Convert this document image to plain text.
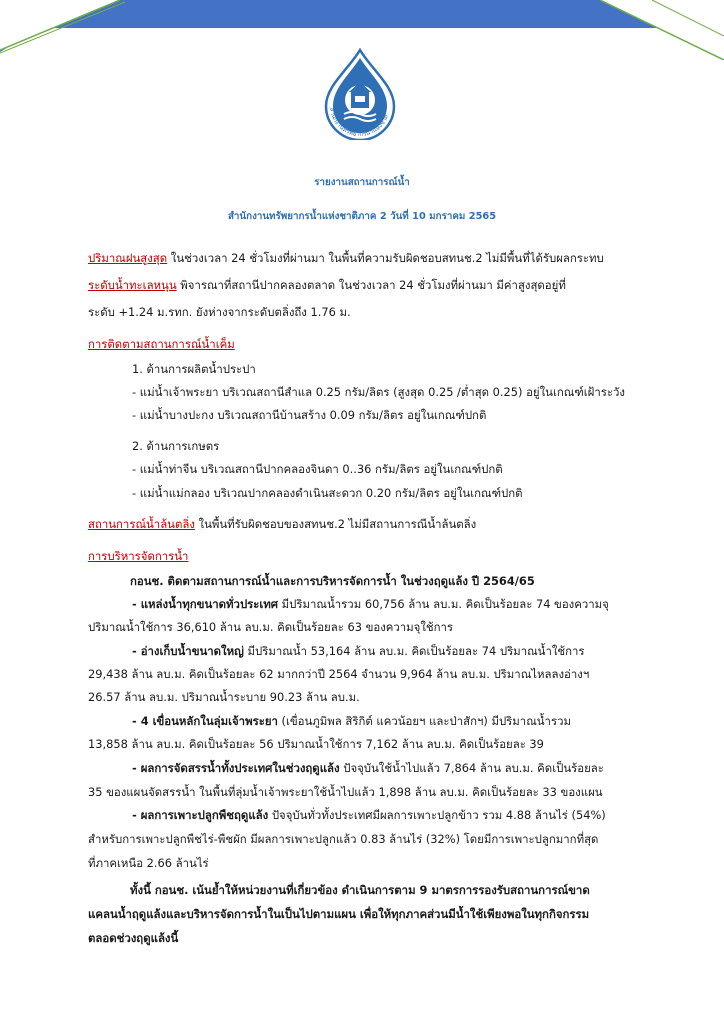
สำนักงานทรัพยากรน้ำแห่งชาติ
รายงานสถานการณ์น้ำ
สำนักงานทรัพยากรน้ำแห่งชาติภาค 2 วันที่ 10 มกราคม 2565
ปริมาณฝนสูงสุด ในช่วงเวลา 24 ชั่วโมงที่ผ่านมา ในพื้นที่ความรับผิดชอบสทนช.2 ไม่มีพื้นที่ได้รับผลกระทบ
ระดับน้ำทะเลหนุน พิจารณาที่สถานีปากคลองตลาด ในช่วงเวลา 24 ชั่วโมงที่ผ่านมา มีค่าสูงสุดอยู่ที่
ระดับ +1.24 ม.รทก. ยังห่างจากระดับตลิ่งถึง 1.76 ม.
การติดตามสถานการณ์น้ำเค็ม
1. ด้านการผลิตน้ำประปา
- แม่น้ำเจ้าพระยา บริเวณสถานีสำแล 0.25 กรัม/ลิตร (สูงสุด 0.25 /ต่ำสุด 0.25) อยู่ในเกณฑ์เฝ้าระวัง
- แม่น้ำบางปะกง บริเวณสถานีบ้านสร้าง 0.09 กรัม/ลิตร อยู่ในเกณฑ์ปกติ
2. ด้านการเกษตร
- แม่น้ำท่าจีน บริเวณสถานีปากคลองจินดา 0..36 กรัม/ลิตร อยู่ในเกณฑ์ปกติ
- แม่น้ำแม่กลอง บริเวณปากคลองดำเนินสะดวก 0.20 กรัม/ลิตร อยู่ในเกณฑ์ปกติ
สถานการณ์น้ำล้นตลิ่ง ในพื้นที่รับผิดชอบของสทนช.2 ไม่มีสถานการณีน้ำล้นตลิ่ง
การบริหารจัดการน้ำ
กอนช. ติดตามสถานการณ์น้ำและการบริหารจัดการน้ำ ในช่วงฤดูแล้ง ปี 2564/65
- แหล่งน้ำทุกขนาดทั่วประเทศ มีปริมาณน้ำรวม 60,756 ล้าน ลบ.ม. คิดเป็นร้อยละ 74 ของความจุ
ปริมาณน้ำใช้การ 36,610 ล้าน ลบ.ม. คิดเป็นร้อยละ 63 ของความจุใช้การ
- อ่างเก็บน้ำขนาดใหญ่ มีปริมาณน้ำ 53,164 ล้าน ลบ.ม. คิดเป็นร้อยละ 74 ปริมาณน้ำใช้การ
29,438 ล้าน ลบ.ม. คิดเป็นร้อยละ 62 มากกว่าปี 2564 จำนวน 9,964 ล้าน ลบ.ม. ปริมาณไหลลงอ่างฯ
26.57 ล้าน ลบ.ม. ปริมาณน้ำระบาย 90.23 ล้าน ลบ.ม.
- 4 เขื่อนหลักในลุ่มเจ้าพระยา (เขื่อนภูมิพล สิริกิต์ แควน้อยฯ และป่าสักฯ) มีปริมาณน้ำรวม
13,858 ล้าน ลบ.ม. คิดเป็นร้อยละ 56 ปริมาณน้ำใช้การ 7,162 ล้าน ลบ.ม. คิดเป็นร้อยละ 39
- ผลการจัดสรรน้ำทั้งประเทศในช่วงฤดูแล้ง ปัจจุบันใช้น้ำไปแล้ว 7,864 ล้าน ลบ.ม. คิดเป็นร้อยละ
35 ของแผนจัดสรรน้ำ ในพื้นที่ลุ่มน้ำเจ้าพระยาใช้น้ำไปแล้ว 1,898 ล้าน ลบ.ม. คิดเป็นร้อยละ 33 ของแผน
- ผลการเพาะปลูกพืชฤดูแล้ง ปัจจุบันทั่วทั้งประเทศมีผลการเพาะปลูกข้าว รวม 4.88 ล้านไร่ (54%)
สำหรับการเพาะปลูกพืชไร่-พืชผัก มีผลการเพาะปลูกแล้ว 0.83 ล้านไร่ (32%) โดยมีการเพาะปลูกมากที่สุด
ที่ภาคเหนือ 2.66 ล้านไร่
ทั้งนี้ กอนช. เน้นย้ำให้หน่วยงานที่เกี่ยวข้อง ดำเนินการตาม 9 มาตรการรองรับสถานการณ์ขาด
แคลนน้ำฤดูแล้งและบริหารจัดการน้ำในเป็นไปตามแผน เพื่อให้ทุกภาคส่วนมีน้ำใช้เพียงพอในทุกกิจกรรม
ตลอดช่วงฤดูแล้งนี้
